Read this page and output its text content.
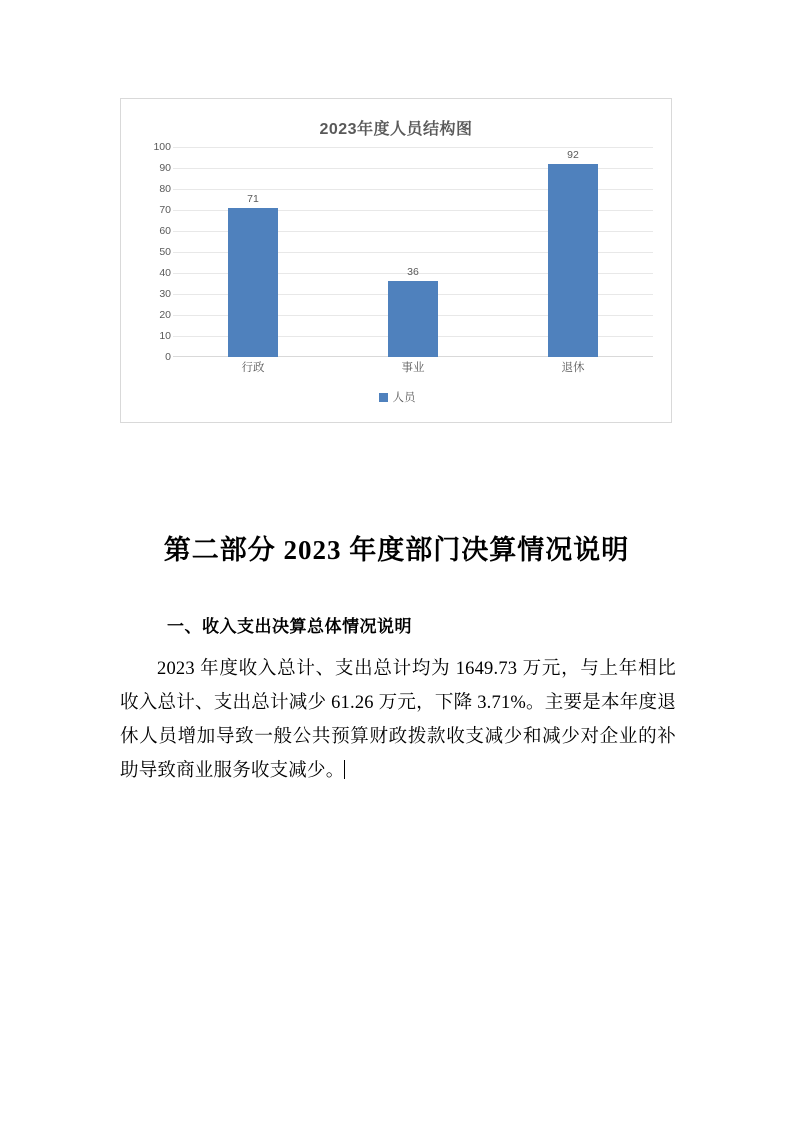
2023年度人员结构图
100
90
80
70
60
50
40
30
20
10
0
71
36
92
行政	事业	退休
人员
第二部分 2023 年度部门决算情况说明
一、收入支出决算总体情况说明
2023 年度收入总计、支出总计均为 1649.73 万元，与上年相比收入总计、支出总计减少 61.26 万元，下降 3.71%。主要是本年度退休人员增加导致一般公共预算财政拨款收支减少和减少对企业的补助导致商业服务收支减少。
